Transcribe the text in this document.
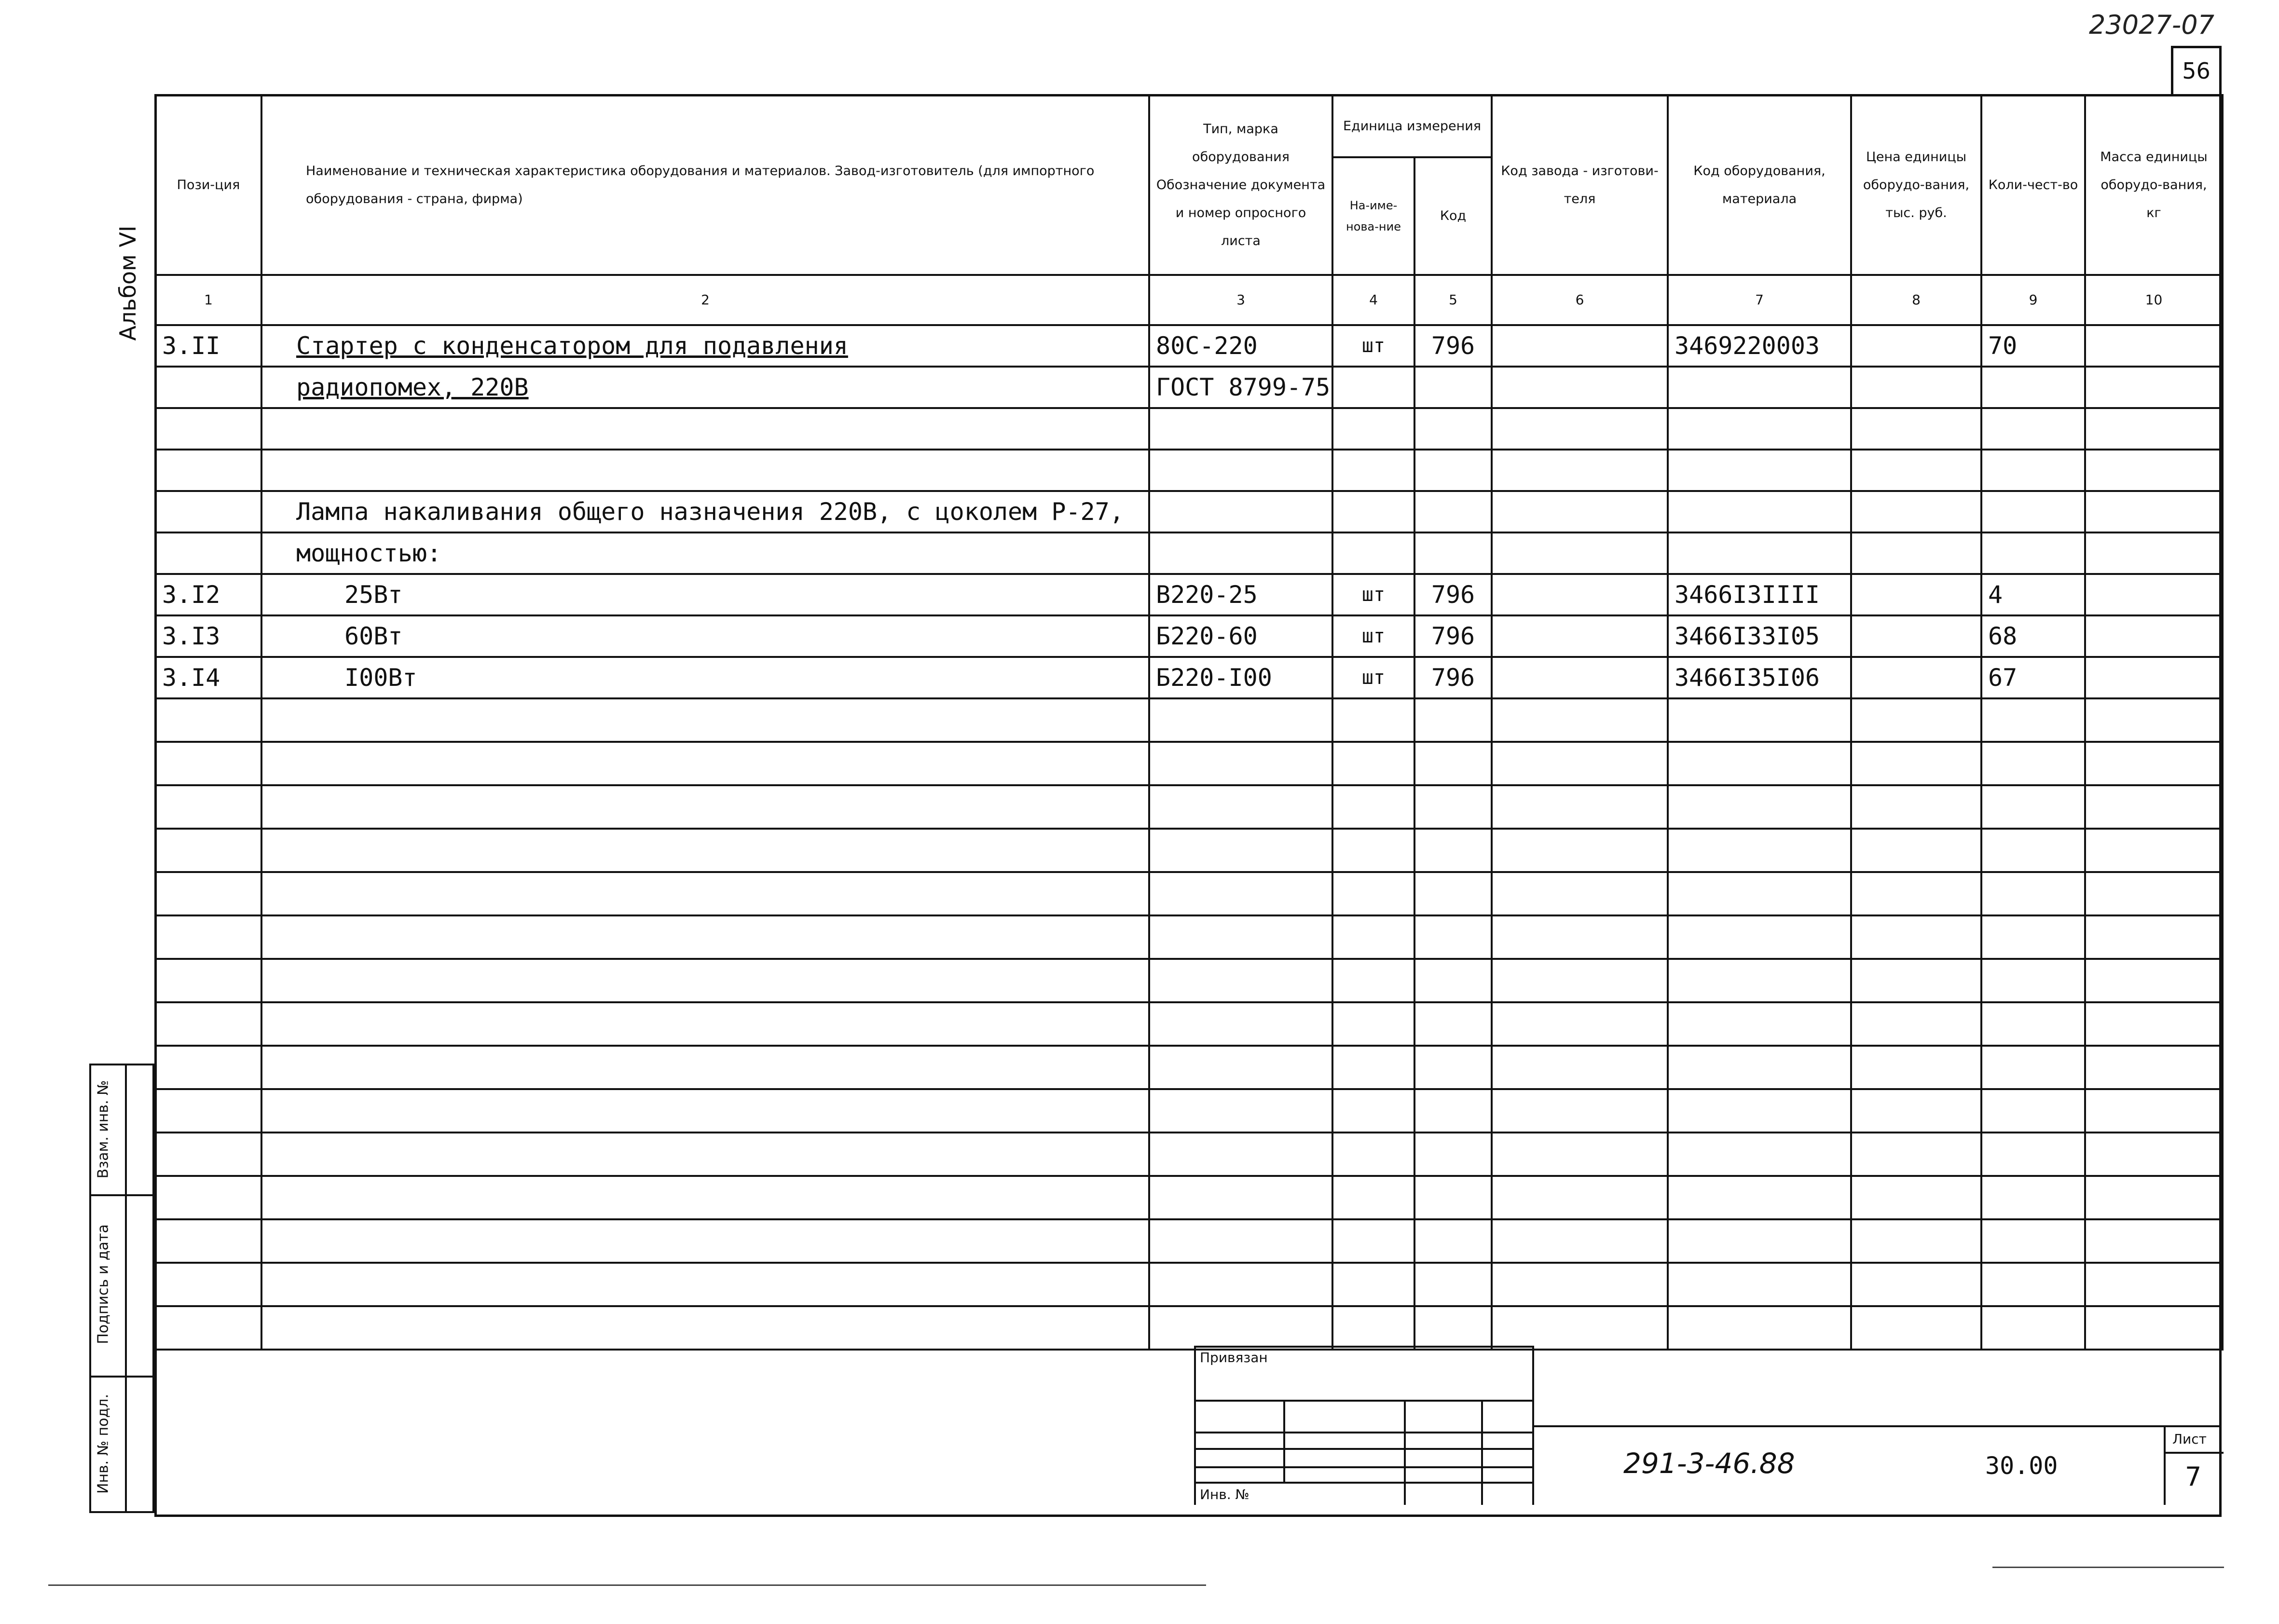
23027-07
56
Альбом VI
Взам. инв. №
Подпись и дата
Инв. № подл.
Пози-ция	Наименование и техническая характеристика оборудования и материалов. Завод-изготовитель (для импортного оборудования - страна, фирма)	Тип, марка оборудования Обозначение документа и номер опросного листа	Единица измерения		Код завода - изготови-теля	Код оборудования, материала	Цена единицы оборудо-вания, тыс. руб.	Коли-чест-во	Масса единицы оборудо-вания, кг
			На-име-нова-ние	Код					
1	2	3	4	5	6	7	8	9	10
3.II	Стартер с конденсатором для подавления	80С-220	шт	796		3469220003		70	
	радиопомех, 220В	ГОСТ 8799-75							

	Лампа накаливания общего назначения 220В, с цоколем Р-27,								
	мощностью:								
3.I2	25Вт	В220-25	шт	796		3466I3IIII		4	
3.I3	60Вт	Б220-60	шт	796		3466I33I05		68	
3.I4	I00Вт	Б220-I00	шт	796		3466I35I06		67	

Привязан
Инв. №
291-3-46.88	30.00
Лист
7
